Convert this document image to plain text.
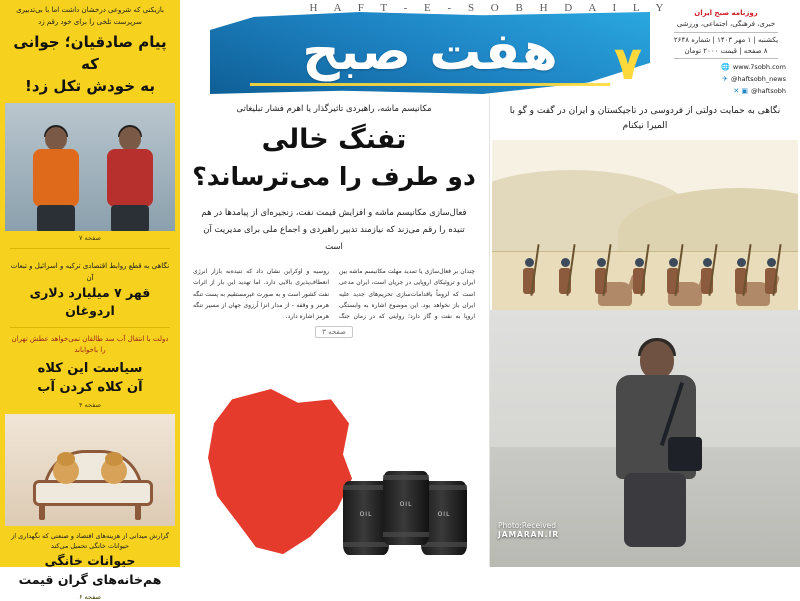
H A F T - E - S O B H D A I L Y
هفت صبح	۷
روزنامه صبح ایران
خبری، فرهنگی، اجتماعی، ورزشی
یکشنبه | ۱ مهر ۱۴۰۳ | شماره ۲۶۴۸
۸ صفحه | قیمت ۲۰۰۰ تومان
🌐 www.7sobh.com
✈ @haftsobh_news
✕ ▣ @haftsobh
نگاهی به حمایت دولتی از فردوسی در تاجیکستان و ایران در گفت و گو با المیرا نیکنام
Photo:Received
JAMARAN.IR
مکانیسم ماشه، راهبردی تاثیرگذار یا اهرم فشار تبلیغاتی
تفنگ خالی
دو طرف را می‌ترساند؟
فعال‌سازی مکانیسم ماشه و افزایش قیمت نفت، زنجیره‌ای از پیامدها در هم تنیده را رقم می‌زند که نیازمند تدبیر راهبردی و اجماع ملی برای مدیریت آن است
چندان بر فعال‌سازی یا تمدید مهلت مکانیسم ماشه بین ایران و تروئیکای اروپایی در جریان است، ایران مدعی است که لزوماً باقدامات‌سازی تحریم‌های جدید علیه ایران باز نخواهد بود. این موضوع اشاره به وابستگی اروپا به نفت و گاز دارد؛ روایتی که در زمان جنگ روسیه و اوکراین نشان داد که تنیده‌به بازار انرژی انعطاف‌پذیری بالایی دارد. اما تهدید این بار از اثرات نفت کشور است و به صورت غیرمستقیم به پست تنگه هرمز و وقفه - از مدار انزا آرزوی جهان از مسیر تنگه هرمز اشاره دارد.
صفحه ۳
OIL	OIL
OIL
بازیکنی که شروعی درخشان داشت اما با بی‌تدبیری سرپرست تلخی را برای خود رقم زد
پیام صادقیان؛ جوانی که
به خودش تکل زد!
صفحه ۷
نگاهی به قطع روابط اقتصادی ترکیه و اسرائیل و تبعات آن
قهر ۷ میلیارد دلاری اردوغان
دولت با انتقال آب سد طالقان نمی‌خواهد عطش تهران را باخواباند
سیاست این کلاه
آن کلاه کردن آب
صفحه ۴
گزارش میدانی از هزینه‌های اقتصاد و صنعتی که نگهداری از حیوانات خانگی تحمیل می‌کند
حیوانات خانگی
هم‌خانه‌های گران قیمت
صفحه ۶
